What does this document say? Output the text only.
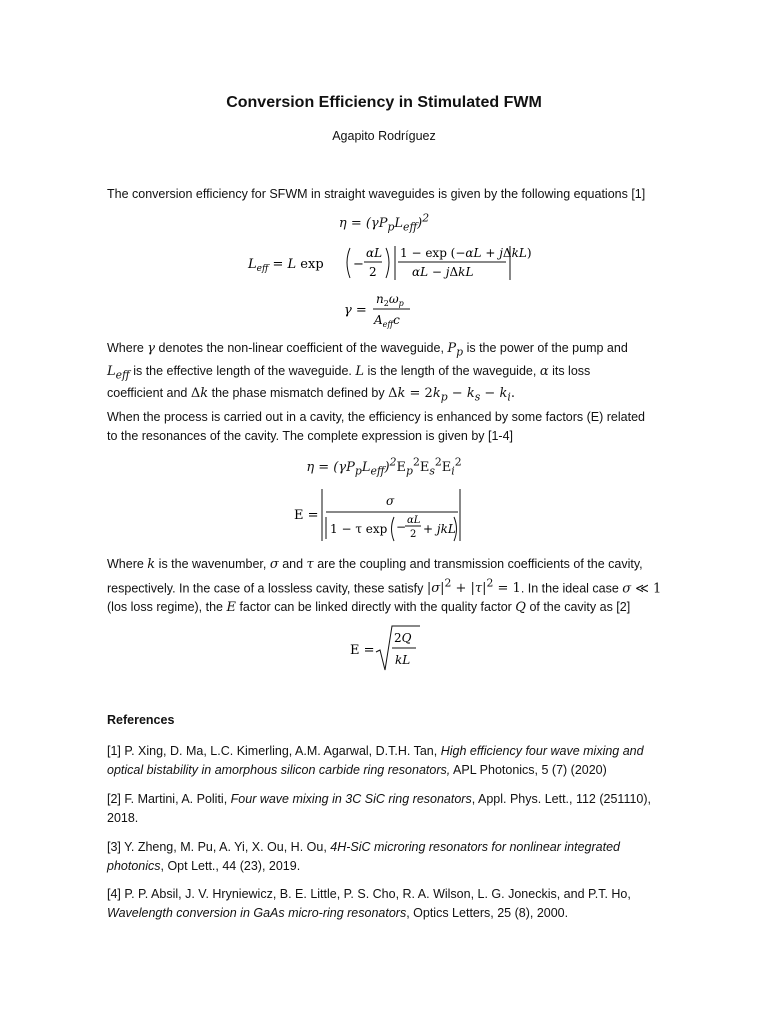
Conversion Efficiency in Stimulated FWM
Agapito Rodríguez
The conversion efficiency for SFWM in straight waveguides is given by the following equations [1]
$\eta = (\gamma P_pL_{eff})^2$
$L_{eff} = L$ exp −
αL
2
1 − exp (−αL + jΔkL)
αL − jΔkL
γ =
$n_2\omega_p$
$A_{eff}c$
Where γ denotes the non-linear coefficient of the waveguide, $P_p$ is the power of the pump and
$L_{eff}$ is the effective length of the waveguide. L is the length of the waveguide, α its loss
coefficient and Δk the phase mismatch defined by $\Delta k = 2k_p - k_s - k_i$.
When the process is carried out in a cavity, the efficiency is enhanced by some factors (E) related
to the resonances of the cavity. The complete expression is given by [1-4]
$\eta = (\gamma P_pL_{eff})^2E_p^2E_s^2E_i^2$
E =
σ
1 − τ exp − αL
2 + jkL
Where k is the wavenumber, σ and τ are the coupling and transmission coefficients of the cavity,
respectively. In the case of a lossless cavity, these satisfy $|\sigma|^2 + |\tau|^2 = 1$. In the ideal case σ ≪ 1
(los loss regime), the E factor can be linked directly with the quality factor Q of the cavity as [2]
E =
2Q
kL
References
[1] P. Xing, D. Ma, L.C. Kimerling, A.M. Agarwal, D.T.H. Tan, High efficiency four wave mixing and
optical bistability in amorphous silicon carbide ring resonators, APL Photonics, 5 (7) (2020)
[2] F. Martini, A. Politi, Four wave mixing in 3C SiC ring resonators, Appl. Phys. Lett., 112 (251110),
2018.
[3] Y. Zheng, M. Pu, A. Yi, X. Ou, H. Ou, 4H-SiC microring resonators for nonlinear integrated
photonics, Opt Lett., 44 (23), 2019.
[4] P. P. Absil, J. V. Hryniewicz, B. E. Little, P. S. Cho, R. A. Wilson, L. G. Joneckis, and P.T. Ho,
Wavelength conversion in GaAs micro-ring resonators, Optics Letters, 25 (8), 2000.
